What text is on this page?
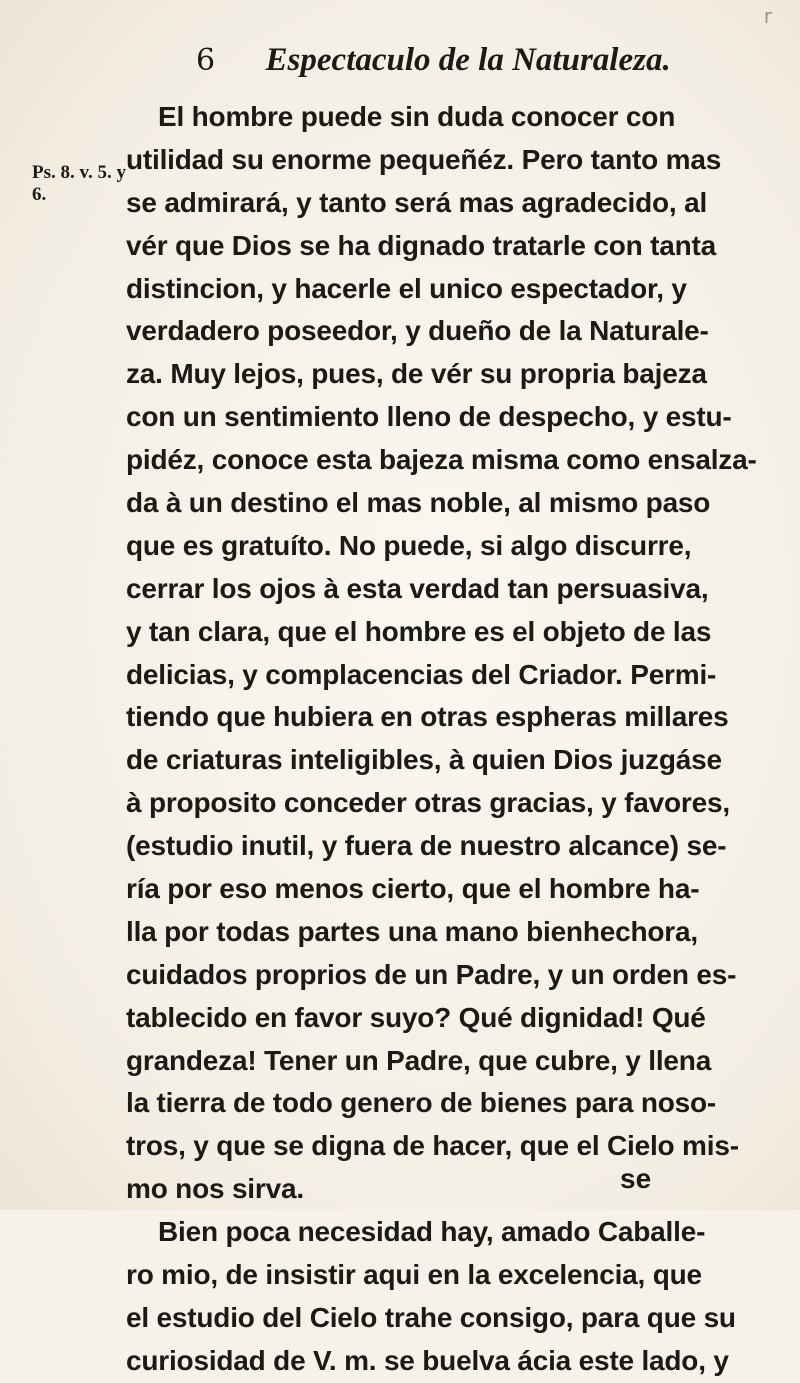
r
6 Espectaculo de la Naturaleza.
Ps. 8. v. 5. y
6.
El hombre puede sin duda conocer con
utilidad su enorme pequeñéz. Pero tanto mas
se admirará, y tanto será mas agradecido, al
vér que Dios se ha dignado tratarle con tanta
distincion, y hacerle el unico espectador, y
verdadero poseedor, y dueño de la Naturale-
za. Muy lejos, pues, de vér su propria bajeza
con un sentimiento lleno de despecho, y estu-
pidéz, conoce esta bajeza misma como ensalza-
da à un destino el mas noble, al mismo paso
que es gratuíto. No puede, si algo discurre,
cerrar los ojos à esta verdad tan persuasiva,
y tan clara, que el hombre es el objeto de las
delicias, y complacencias del Criador. Permi-
tiendo que hubiera en otras espheras millares
de criaturas inteligibles, à quien Dios juzgáse
à proposito conceder otras gracias, y favores,
(estudio inutil, y fuera de nuestro alcance) se-
ría por eso menos cierto, que el hombre ha-
lla por todas partes una mano bienhechora,
cuidados proprios de un Padre, y un orden es-
tablecido en favor suyo? Qué dignidad! Qué
grandeza! Tener un Padre, que cubre, y llena
la tierra de todo genero de bienes para noso-
tros, y que se digna de hacer, que el Cielo mis-
mo nos sirva.
Bien poca necesidad hay, amado Caballe-
ro mio, de insistir aqui en la excelencia, que
el estudio del Cielo trahe consigo, para que su
curiosidad de V. m. se buelva ácia este lado, y
se
